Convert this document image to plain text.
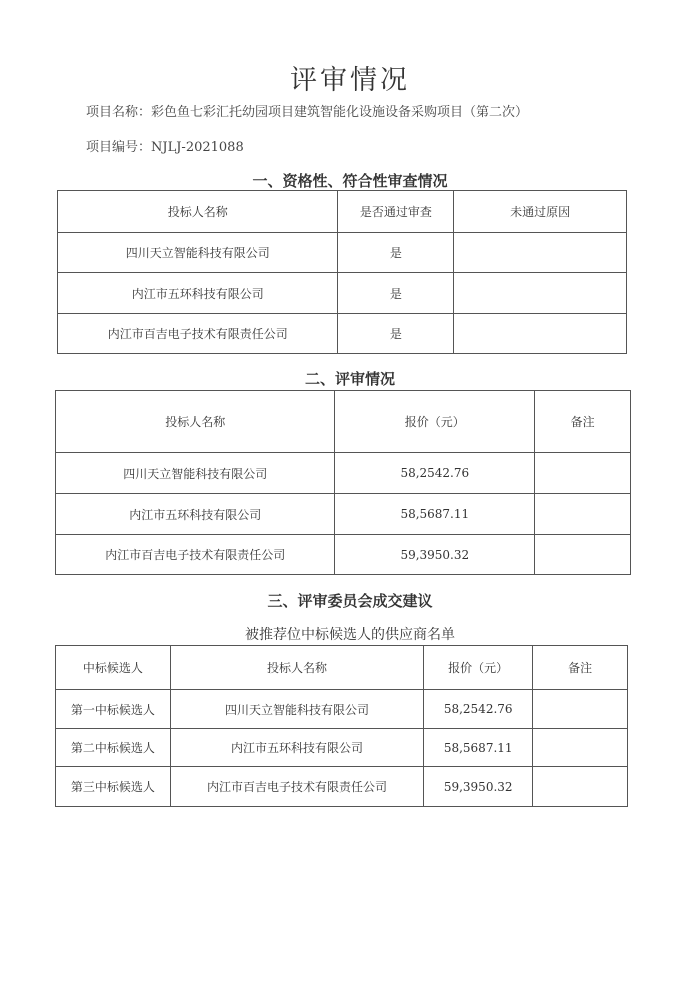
评审情况
项目名称：彩色鱼七彩汇托幼园项目建筑智能化设施设备采购项目（第二次）
项目编号：NJLJ-2021088
一、资格性、符合性审查情况
投标人名称	是否通过审查	未通过原因
四川天立智能科技有限公司	是	
内江市五环科技有限公司	是	
内江市百吉电子技术有限责任公司	是	
二、评审情况
投标人名称	报价（元）	备注
四川天立智能科技有限公司	58,2542.76	
内江市五环科技有限公司	58,5687.11	
内江市百吉电子技术有限责任公司	59,3950.32	
三、评审委员会成交建议
被推荐位中标候选人的供应商名单
中标候选人	投标人名称	报价（元）	备注
第一中标候选人	四川天立智能科技有限公司	58,2542.76	
第二中标候选人	内江市五环科技有限公司	58,5687.11	
第三中标候选人	内江市百吉电子技术有限责任公司	59,3950.32	
